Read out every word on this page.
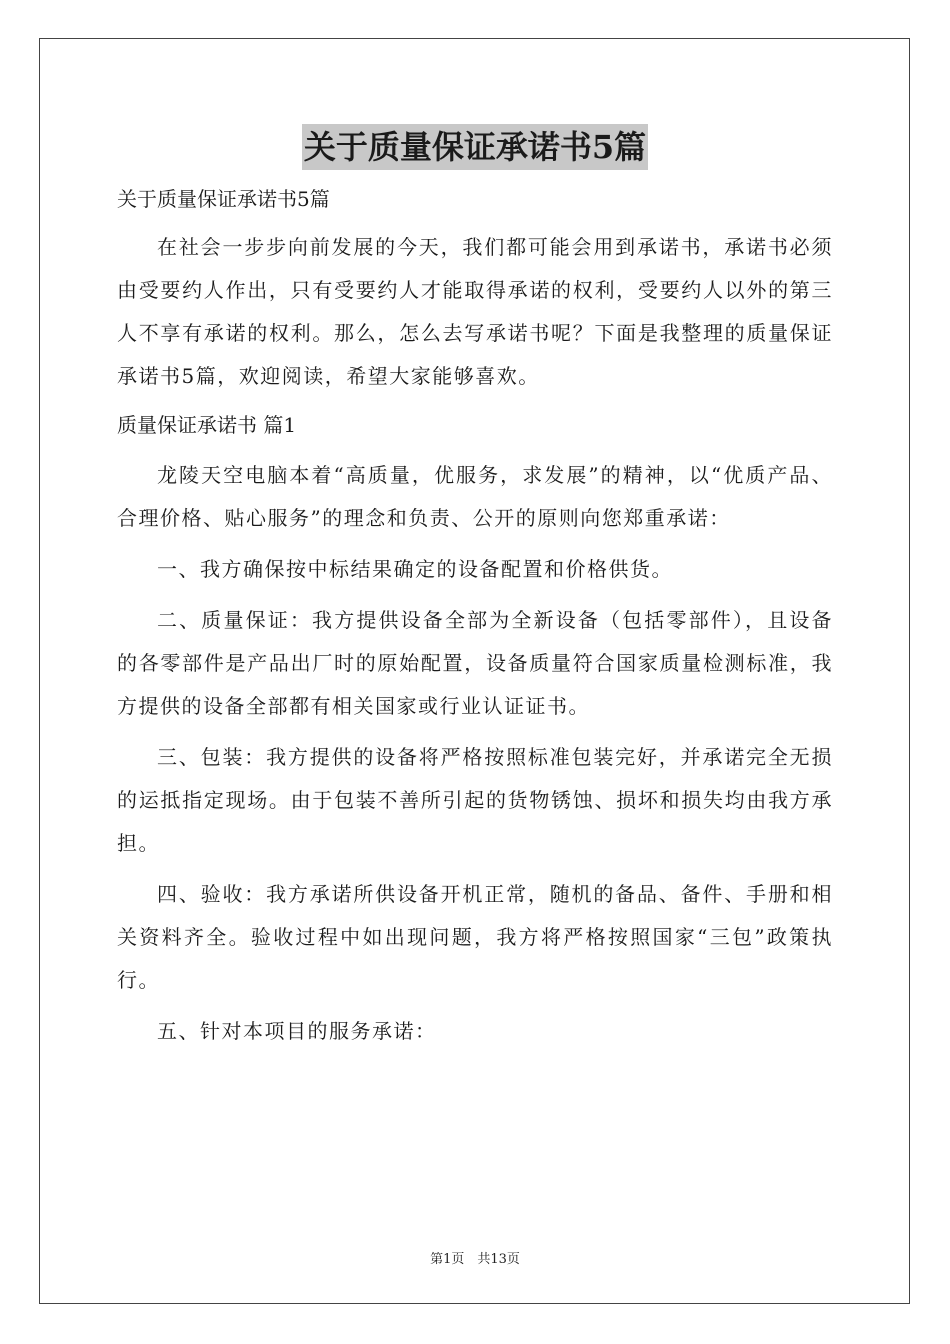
关于质量保证承诺书5篇

关于质量保证承诺书5篇

在社会一步步向前发展的今天，我们都可能会用到承诺书，承诺书必须由受要约人作出，只有受要约人才能取得承诺的权利，受要约人以外的第三人不享有承诺的权利。那么，怎么去写承诺书呢？下面是我整理的质量保证承诺书5篇，欢迎阅读，希望大家能够喜欢。

质量保证承诺书 篇1

龙陵天空电脑本着“高质量，优服务，求发展”的精神，以“优质产品、合理价格、贴心服务”的理念和负责、公开的原则向您郑重承诺：

一、我方确保按中标结果确定的设备配置和价格供货。

二、质量保证：我方提供设备全部为全新设备（包括零部件），且设备的各零部件是产品出厂时的原始配置，设备质量符合国家质量检测标准，我方提供的设备全部都有相关国家或行业认证证书。

三、包装：我方提供的设备将严格按照标准包装完好，并承诺完全无损的运抵指定现场。由于包装不善所引起的货物锈蚀、损坏和损失均由我方承担。

四、验收：我方承诺所供设备开机正常，随机的备品、备件、手册和相关资料齐全。验收过程中如出现问题，我方将严格按照国家“三包”政策执行。

五、针对本项目的服务承诺：

第1页　共13页
